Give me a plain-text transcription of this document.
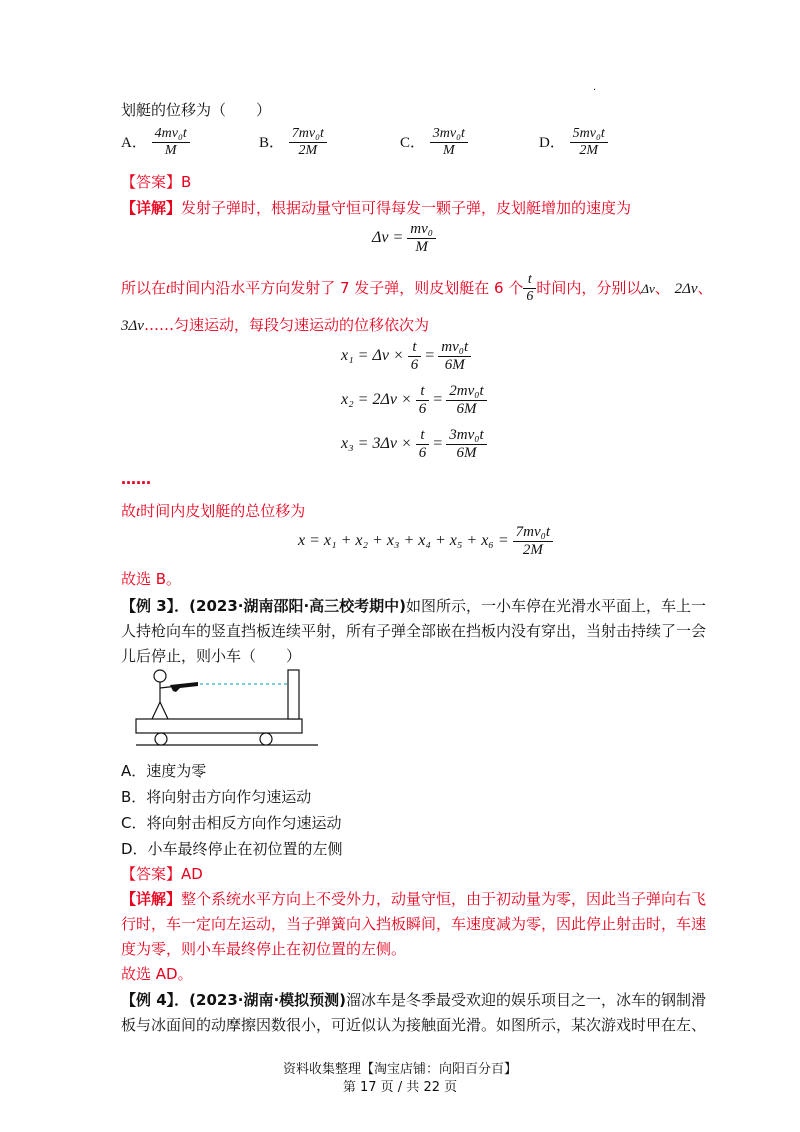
.
划艇的位移为（　　）
A． $\frac{\text{4mv₀t}}{M}$	B． $\frac{\text{7mv₀t}}{2M}$	C． $\frac{\text{3mv₀t}}{M}$	D． $\frac{\text{5mv₀t}}{2M}$
【答案】B
【详解】发射子弹时，根据动量守恒可得每发一颗子弹，皮划艇增加的速度为
$\Delta v = \frac{\text{mv₀}}{M}$
所以在t时间内沿水平方向发射了 7 发子弹，则皮划艇在 6 个 $\frac{t}{6}$ 时间内，分别以Δv、 2Δv、
3Δv……匀速运动，每段匀速运动的位移依次为
$x_1 = \Delta v \times \frac{t}{6} = \frac{\text{mv₀t}}{6M}$
$x_2 = 2\Delta v \times \frac{t}{6} = \frac{\text{2mv₀t}}{6M}$
$x_3 = 3\Delta v \times \frac{t}{6} = \frac{\text{3mv₀t}}{6M}$
……
故t时间内皮划艇的总位移为
$x = x_1 + x_2 + x_3 + x_4 + x_5 + x_6 = \frac{\text{7mv₀t}}{2M}$
故选 B。
【例 3】．(2023·湖南邵阳·高三校考期中)如图所示，一小车停在光滑水平面上，车上一
人持枪向车的竖直挡板连续平射，所有子弹全部嵌在挡板内没有穿出，当射击持续了一会
儿后停止，则小车（　　）
A．速度为零
B．将向射击方向作匀速运动
C．将向射击相反方向作匀速运动
D．小车最终停止在初位置的左侧
【答案】AD
【详解】整个系统水平方向上不受外力，动量守恒，由于初动量为零，因此当子弹向右飞
行时，车一定向左运动，当子弹簧向入挡板瞬间，车速度减为零，因此停止射击时，车速
度为零，则小车最终停止在初位置的左侧。
故选 AD。
【例 4】．(2023·湖南·模拟预测)溜冰车是冬季最受欢迎的娱乐项目之一，冰车的钢制滑
板与冰面间的动摩擦因数很小，可近似认为接触面光滑。如图所示，某次游戏时甲在左、
资料收集整理【淘宝店铺：向阳百分百】
第 17 页 / 共 22 页
